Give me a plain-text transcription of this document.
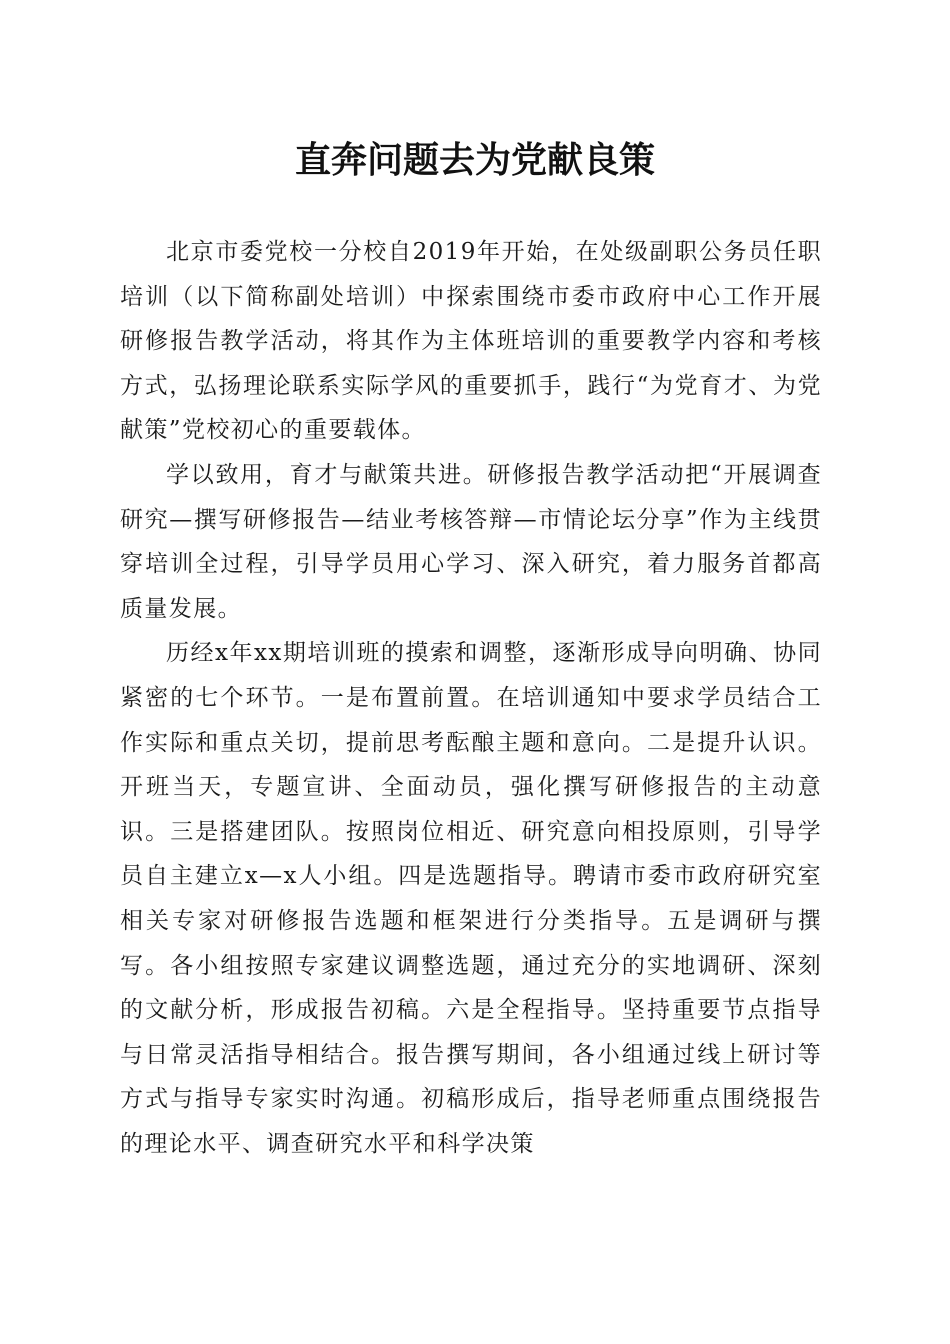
直奔问题去为党献良策

北京市委党校一分校自2019年开始，在处级副职公务员任职培训（以下简称副处培训）中探索围绕市委市政府中心工作开展研修报告教学活动，将其作为主体班培训的重要教学内容和考核方式，弘扬理论联系实际学风的重要抓手，践行“为党育才、为党献策”党校初心的重要载体。

学以致用，育才与献策共进。研修报告教学活动把“开展调查研究—撰写研修报告—结业考核答辩—市情论坛分享”作为主线贯穿培训全过程，引导学员用心学习、深入研究，着力服务首都高质量发展。

历经x年xx期培训班的摸索和调整，逐渐形成导向明确、协同紧密的七个环节。一是布置前置。在培训通知中要求学员结合工作实际和重点关切，提前思考酝酿主题和意向。二是提升认识。开班当天，专题宣讲、全面动员，强化撰写研修报告的主动意识。三是搭建团队。按照岗位相近、研究意向相投原则，引导学员自主建立x—x人小组。四是选题指导。聘请市委市政府研究室相关专家对研修报告选题和框架进行分类指导。五是调研与撰写。各小组按照专家建议调整选题，通过充分的实地调研、深刻的文献分析，形成报告初稿。六是全程指导。坚持重要节点指导与日常灵活指导相结合。报告撰写期间，各小组通过线上研讨等方式与指导专家实时沟通。初稿形成后，指导老师重点围绕报告的理论水平、调查研究水平和科学决策
